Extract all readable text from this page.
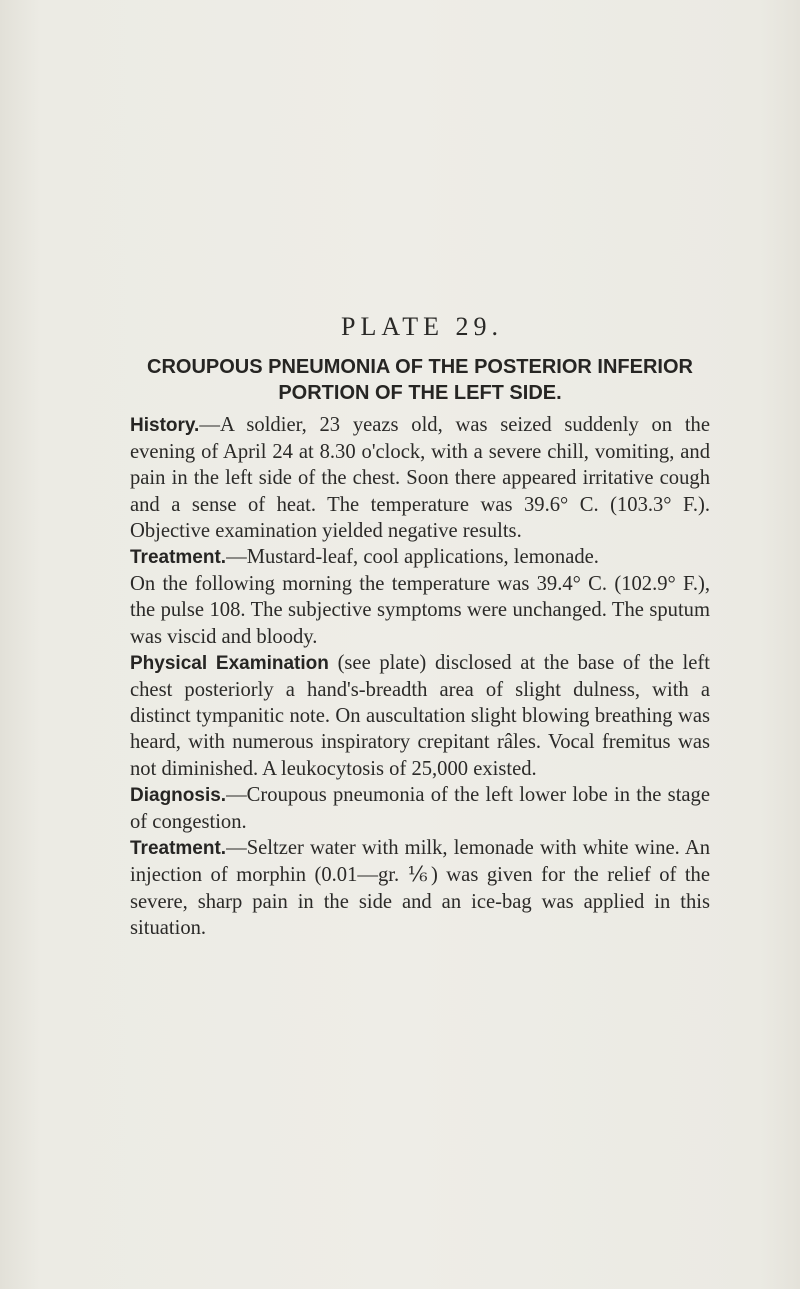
PLATE 29.
CROUPOUS PNEUMONIA OF THE POSTERIOR INFERIOR
PORTION OF THE LEFT SIDE.

History.—A soldier, 23 yeazs old, was seized suddenly on the evening of April 24 at 8.30 o'clock, with a severe chill, vomiting, and pain in the left side of the chest. Soon there appeared irritative cough and a sense of heat. The temperature was 39.6° C. (103.3° F.). Objective examination yielded negative results.

Treatment.—Mustard-leaf, cool applications, lemonade.

On the following morning the temperature was 39.4° C. (102.9° F.), the pulse 108. The subjective symptoms were unchanged. The sputum was viscid and bloody.

Physical Examination (see plate) disclosed at the base of the left chest posteriorly a hand's-breadth area of slight dulness, with a distinct tympanitic note. On auscultation slight blowing breathing was heard, with numerous inspiratory crepitant râles. Vocal fremitus was not diminished. A leukocytosis of 25,000 existed.

Diagnosis.—Croupous pneumonia of the left lower lobe in the stage of congestion.

Treatment.—Seltzer water with milk, lemonade with white wine. An injection of morphin (0.01—gr. ⅙) was given for the relief of the severe, sharp pain in the side and an ice-bag was applied in this situation.
